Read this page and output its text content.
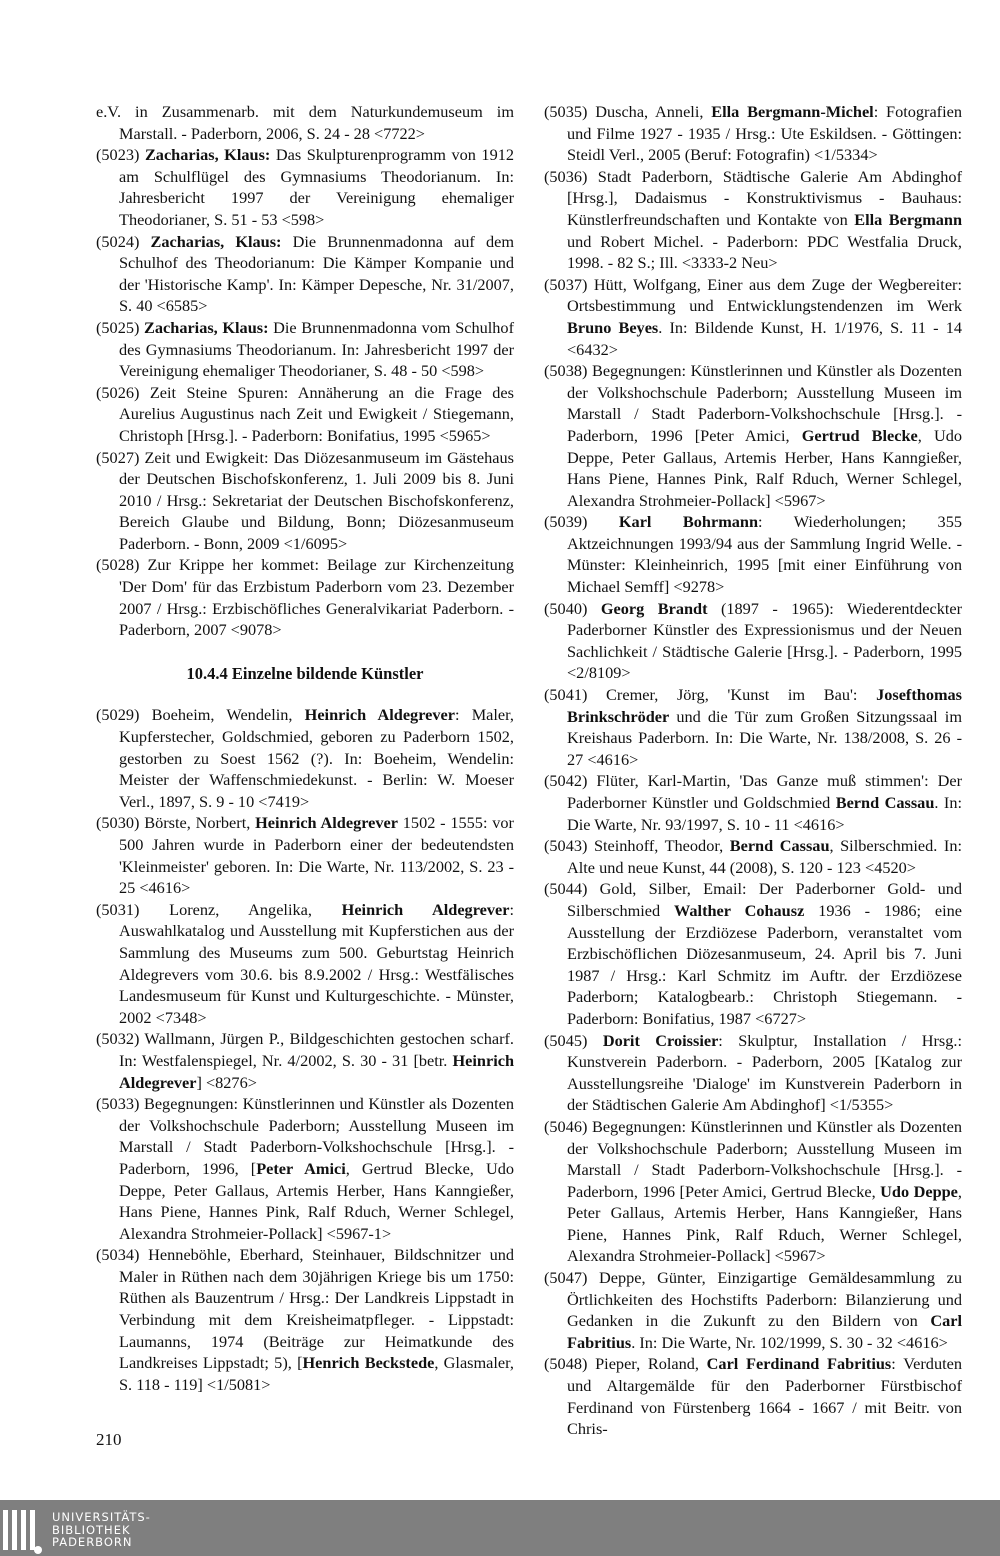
e.V. in Zusammenarb. mit dem Naturkundemuseum im Marstall. - Paderborn, 2006, S. 24 - 28 <7722>

(5023) Zacharias, Klaus: Das Skulpturenprogramm von 1912 am Schulflügel des Gymnasiums Theodorianum. In: Jahresbericht 1997 der Vereinigung ehemaliger Theodorianer, S. 51 - 53 <598>

(5024) Zacharias, Klaus: Die Brunnenmadonna auf dem Schulhof des Theodorianum: Die Kämper Kompanie und der 'Historische Kamp'. In: Kämper Depesche, Nr. 31/2007, S. 40 <6585>

(5025) Zacharias, Klaus: Die Brunnenmadonna vom Schulhof des Gymnasiums Theodorianum. In: Jahresbericht 1997 der Vereinigung ehemaliger Theodorianer, S. 48 - 50 <598>

(5026) Zeit Steine Spuren: Annäherung an die Frage des Aurelius Augustinus nach Zeit und Ewigkeit / Stiegemann, Christoph [Hrsg.]. - Paderborn: Bonifatius, 1995 <5965>

(5027) Zeit und Ewigkeit: Das Diözesanmuseum im Gästehaus der Deutschen Bischofskonferenz, 1. Juli 2009 bis 8. Juni 2010 / Hrsg.: Sekretariat der Deutschen Bischofskonferenz, Bereich Glaube und Bildung, Bonn; Diözesanmuseum Paderborn. - Bonn, 2009 <1/6095>

(5028) Zur Krippe her kommet: Beilage zur Kirchenzeitung 'Der Dom' für das Erzbistum Paderborn vom 23. Dezember 2007 / Hrsg.: Erzbischöfliches Generalvikariat Paderborn. - Paderborn, 2007 <9078>

10.4.4 Einzelne bildende Künstler

(5029) Boeheim, Wendelin, Heinrich Aldegrever: Maler, Kupferstecher, Goldschmied, geboren zu Paderborn 1502, gestorben zu Soest 1562 (?). In: Boeheim, Wendelin: Meister der Waffenschmiedekunst. - Berlin: W. Moeser Verl., 1897, S. 9 - 10 <7419>

(5030) Börste, Norbert, Heinrich Aldegrever 1502 - 1555: vor 500 Jahren wurde in Paderborn einer der bedeutendsten 'Kleinmeister' geboren. In: Die Warte, Nr. 113/2002, S. 23 - 25 <4616>

(5031) Lorenz, Angelika, Heinrich Aldegrever: Auswahlkatalog und Ausstellung mit Kupferstichen aus der Sammlung des Museums zum 500. Geburtstag Heinrich Aldegrevers vom 30.6. bis 8.9.2002 / Hrsg.: Westfälisches Landesmuseum für Kunst und Kulturgeschichte. - Münster, 2002 <7348>

(5032) Wallmann, Jürgen P., Bildgeschichten gestochen scharf. In: Westfalenspiegel, Nr. 4/2002, S. 30 - 31 [betr. Heinrich Aldegrever] <8276>

(5033) Begegnungen: Künstlerinnen und Künstler als Dozenten der Volkshochschule Paderborn; Ausstellung Museen im Marstall / Stadt Paderborn-Volkshochschule [Hrsg.]. - Paderborn, 1996, [Peter Amici, Gertrud Blecke, Udo Deppe, Peter Gallaus, Artemis Herber, Hans Kanngießer, Hans Piene, Hannes Pink, Ralf Rduch, Werner Schlegel, Alexandra Strohmeier-Pollack] <5967-1>

(5034) Henneböhle, Eberhard, Steinhauer, Bildschnitzer und Maler in Rüthen nach dem 30jährigen Kriege bis um 1750: Rüthen als Bauzentrum / Hrsg.: Der Landkreis Lippstadt in Verbindung mit dem Kreisheimatpfleger. - Lippstadt: Laumanns, 1974 (Beiträge zur Heimatkunde des Landkreises Lippstadt; 5), [Henrich Beckstede, Glasmaler, S. 118 - 119] <1/5081>

(5035) Duscha, Anneli, Ella Bergmann-Michel: Fotografien und Filme 1927 - 1935 / Hrsg.: Ute Eskildsen. - Göttingen: Steidl Verl., 2005 (Beruf: Fotografin) <1/5334>

(5036) Stadt Paderborn, Städtische Galerie Am Abdinghof [Hrsg.], Dadaismus - Konstruktivismus - Bauhaus: Künstlerfreundschaften und Kontakte von Ella Bergmann und Robert Michel. - Paderborn: PDC Westfalia Druck, 1998. - 82 S.; Ill. <3333-2 Neu>

(5037) Hütt, Wolfgang, Einer aus dem Zuge der Wegbereiter: Ortsbestimmung und Entwicklungstendenzen im Werk Bruno Beyes. In: Bildende Kunst, H. 1/1976, S. 11 - 14 <6432>

(5038) Begegnungen: Künstlerinnen und Künstler als Dozenten der Volkshochschule Paderborn; Ausstellung Museen im Marstall / Stadt Paderborn-Volkshochschule [Hrsg.]. - Paderborn, 1996 [Peter Amici, Gertrud Blecke, Udo Deppe, Peter Gallaus, Artemis Herber, Hans Kanngießer, Hans Piene, Hannes Pink, Ralf Rduch, Werner Schlegel, Alexandra Strohmeier-Pollack] <5967>

(5039) Karl Bohrmann: Wiederholungen; 355 Aktzeichnungen 1993/94 aus der Sammlung Ingrid Welle. - Münster: Kleinheinrich, 1995 [mit einer Einführung von Michael Semff] <9278>

(5040) Georg Brandt (1897 - 1965): Wiederentdeckter Paderborner Künstler des Expressionismus und der Neuen Sachlichkeit / Städtische Galerie [Hrsg.]. - Paderborn, 1995 <2/8109>

(5041) Cremer, Jörg, 'Kunst im Bau': Josefthomas Brinkschröder und die Tür zum Großen Sitzungssaal im Kreishaus Paderborn. In: Die Warte, Nr. 138/2008, S. 26 - 27 <4616>

(5042) Flüter, Karl-Martin, 'Das Ganze muß stimmen': Der Paderborner Künstler und Goldschmied Bernd Cassau. In: Die Warte, Nr. 93/1997, S. 10 - 11 <4616>

(5043) Steinhoff, Theodor, Bernd Cassau, Silberschmied. In: Alte und neue Kunst, 44 (2008), S. 120 - 123 <4520>

(5044) Gold, Silber, Email: Der Paderborner Gold- und Silberschmied Walther Cohausz 1936 - 1986; eine Ausstellung der Erzdiözese Paderborn, veranstaltet vom Erzbischöflichen Diözesanmuseum, 24. April bis 7. Juni 1987 / Hrsg.: Karl Schmitz im Auftr. der Erzdiözese Paderborn; Katalogbearb.: Christoph Stiegemann. - Paderborn: Bonifatius, 1987 <6727>

(5045) Dorit Croissier: Skulptur, Installation / Hrsg.: Kunstverein Paderborn. - Paderborn, 2005 [Katalog zur Ausstellungsreihe 'Dialoge' im Kunstverein Paderborn in der Städtischen Galerie Am Abdinghof] <1/5355>

(5046) Begegnungen: Künstlerinnen und Künstler als Dozenten der Volkshochschule Paderborn; Ausstellung Museen im Marstall / Stadt Paderborn-Volkshochschule [Hrsg.]. - Paderborn, 1996 [Peter Amici, Gertrud Blecke, Udo Deppe, Peter Gallaus, Artemis Herber, Hans Kanngießer, Hans Piene, Hannes Pink, Ralf Rduch, Werner Schlegel, Alexandra Strohmeier-Pollack] <5967>

(5047) Deppe, Günter, Einzigartige Gemäldesammlung zu Örtlichkeiten des Hochstifts Paderborn: Bilanzierung und Gedanken in die Zukunft zu den Bildern von Carl Fabritius. In: Die Warte, Nr. 102/1999, S. 30 - 32 <4616>

(5048) Pieper, Roland, Carl Ferdinand Fabritius: Verduten und Altargemälde für den Paderborner Fürstbischof Ferdinand von Fürstenberg 1664 - 1667 / mit Beitr. von Chris-

210
UNIVERSITÄTS-
BIBLIOTHEK
PADERBORN
